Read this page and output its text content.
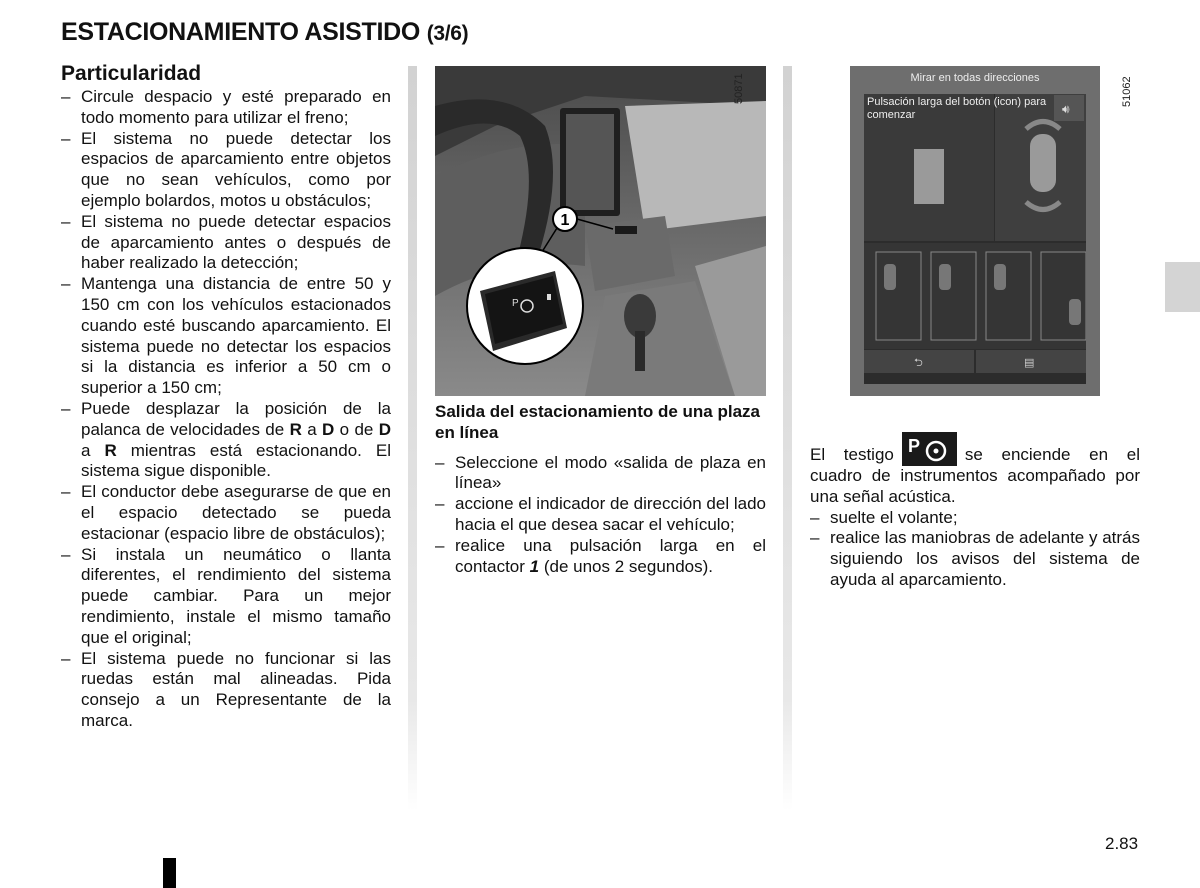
ESTACIONAMIENTO ASISTIDO (3/6)
Particularidad
– Circule despacio y esté preparado en todo momento para utilizar el freno;
– El sistema no puede detectar los espacios de aparcamiento entre objetos que no sean vehículos, como por ejemplo bolardos, motos u obstáculos;
– El sistema no puede detectar espacios de aparcamiento antes o después de haber realizado la detección;
– Mantenga una distancia de entre 50 y 150 cm con los vehículos estacionados cuando esté buscando aparcamiento. El sistema puede no detectar los espacios si la distancia es inferior a 50 cm o superior a 150 cm;
– Puede desplazar la posición de la palanca de velocidades de R a D o de D a R mientras está estacionando. El sistema sigue disponible.
– El conductor debe asegurarse de que en el espacio detectado se pueda estacionar (espacio libre de obstáculos);
– Si instala un neumático o llanta diferentes, el rendimiento del sistema puede cambiar. Para un mejor rendimiento, instale el mismo tamaño que el original;
– El sistema puede no funcionar si las ruedas están mal alineadas. Pida consejo a un Representante de la marca.
1
P
50871	Mirar en todas direcciones
⮌	▤
🔊︎
Pulsación larga del botón (icon) para comenzar
51062
Salida del estacionamiento de una plaza en línea
– Seleccione el modo «salida de plaza en línea»
– accione el indicador de dirección del lado hacia el que desea sacar el vehículo;
– realice una pulsación larga en el contactor 1 (de unos 2 segundos).
El testigo P	se enciende en el cuadro de instrumentos acompañado por una señal acústica.
– suelte el volante;
– realice las maniobras de adelante y atrás siguiendo los avisos del sistema de ayuda al aparcamiento.
2.83
